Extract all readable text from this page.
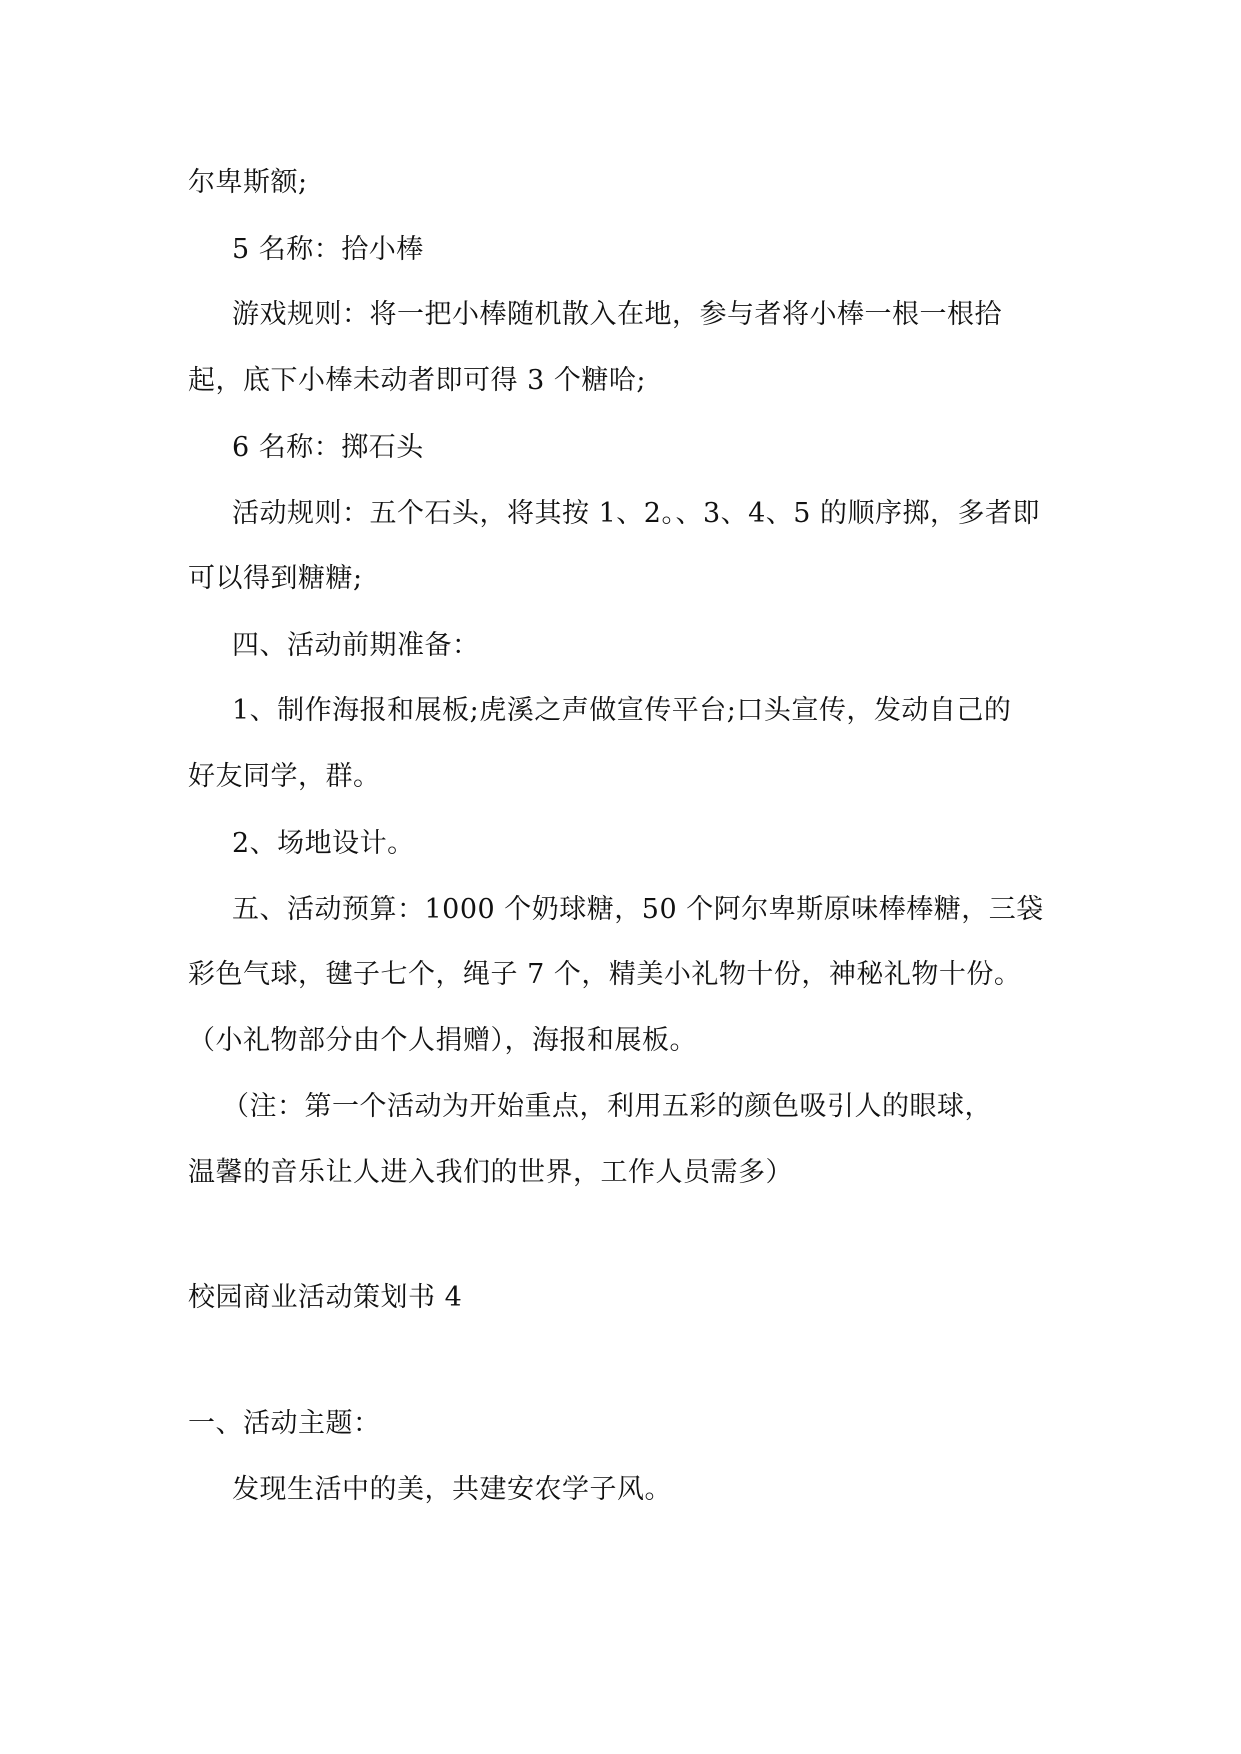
尔卑斯额;
5 名称：拾小棒
游戏规则：将一把小棒随机散入在地，参与者将小棒一根一根拾
起，底下小棒未动者即可得 3 个糖哈;
6 名称：掷石头
活动规则：五个石头，将其按 1、2。、3、4、5 的顺序掷，多者即
可以得到糖糖;
四、活动前期准备：
1、制作海报和展板;虎溪之声做宣传平台;口头宣传，发动自己的
好友同学，群。
2、场地设计。
五、活动预算：1000 个奶球糖，50 个阿尔卑斯原味棒棒糖，三袋
彩色气球，毽子七个，绳子 7 个，精美小礼物十份，神秘礼物十份。
（小礼物部分由个人捐赠），海报和展板。
（注：第一个活动为开始重点，利用五彩的颜色吸引人的眼球，
温馨的音乐让人进入我们的世界，工作人员需多）
校园商业活动策划书 4
一、活动主题：
发现生活中的美，共建安农学子风。
